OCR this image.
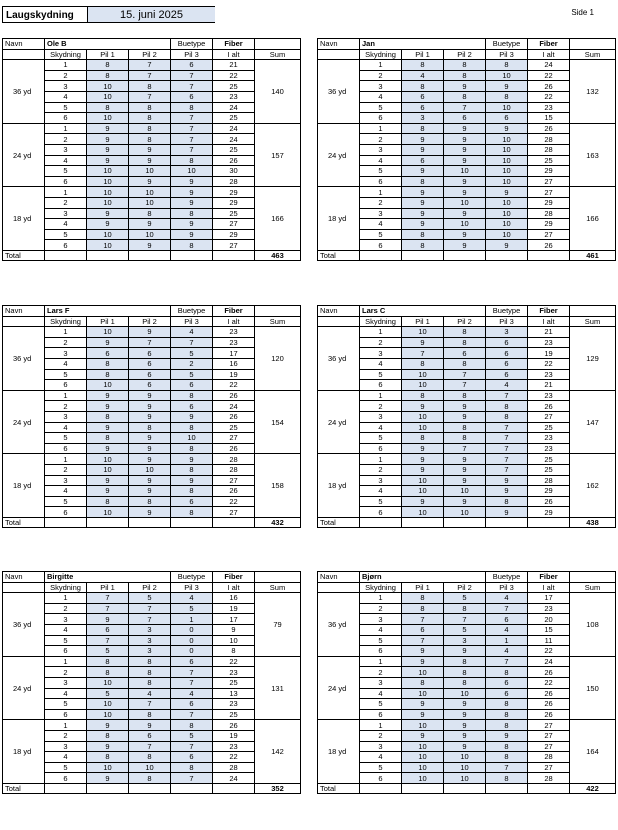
Laugskydning	15. juni 2025	Side 1
Navn	Ole B			Buetype	Fiber	
	Skydning	Pil 1	Pil 2	Pil 3	I alt	Sum
36 yd	1	8	7	6	21	140
	2	8	7	7	22	
	3	10	8	7	25	
	4	10	7	6	23	
	5	8	8	8	24	
	6	10	8	7	25	
24 yd	1	9	8	7	24	157
	2	9	8	7	24	
	3	9	9	7	25	
	4	9	9	8	26	
	5	10	10	10	30	
	6	10	9	9	28	
18 yd	1	10	10	9	29	166
	2	10	10	9	29	
	3	9	8	8	25	
	4	9	9	9	27	
	5	10	10	9	29	
	6	10	9	8	27	
Total						463
Navn	Jan			Buetype	Fiber	
	Skydning	Pil 1	Pil 2	Pil 3	I alt	Sum
36 yd	1	8	8	8	24	132
	2	4	8	10	22	
	3	8	9	9	26	
	4	6	8	8	22	
	5	6	7	10	23	
	6	3	6	6	15	
24 yd	1	8	9	9	26	163
	2	9	9	10	28	
	3	9	9	10	28	
	4	6	9	10	25	
	5	9	10	10	29	
	6	8	9	10	27	
18 yd	1	9	9	9	27	166
	2	9	10	10	29	
	3	9	9	10	28	
	4	9	10	10	29	
	5	8	9	10	27	
	6	8	9	9	26	
Total						461
Navn	Lars F			Buetype	Fiber	
	Skydning	Pil 1	Pil 2	Pil 3	I alt	Sum
36 yd	1	10	9	4	23	120
	2	9	7	7	23	
	3	6	6	5	17	
	4	8	6	2	16	
	5	8	6	5	19	
	6	10	6	6	22	
24 yd	1	9	9	8	26	154
	2	9	9	6	24	
	3	8	9	9	26	
	4	9	8	8	25	
	5	8	9	10	27	
	6	9	9	8	26	
18 yd	1	10	9	9	28	158
	2	10	10	8	28	
	3	9	9	9	27	
	4	9	9	8	26	
	5	8	8	6	22	
	6	10	9	8	27	
Total						432
Navn	Lars C			Buetype	Fiber	
	Skydning	Pil 1	Pil 2	Pil 3	I alt	Sum
36 yd	1	10	8	3	21	129
	2	9	8	6	23	
	3	7	6	6	19	
	4	8	8	6	22	
	5	10	7	6	23	
	6	10	7	4	21	
24 yd	1	8	8	7	23	147
	2	9	9	8	26	
	3	10	9	8	27	
	4	10	8	7	25	
	5	8	8	7	23	
	6	9	7	7	23	
18 yd	1	9	9	7	25	162
	2	9	9	7	25	
	3	10	9	9	28	
	4	10	10	9	29	
	5	9	9	8	26	
	6	10	10	9	29	
Total						438
Navn	Birgitte			Buetype	Fiber	
	Skydning	Pil 1	Pil 2	Pil 3	I alt	Sum
36 yd	1	7	5	4	16	79
	2	7	7	5	19	
	3	9	7	1	17	
	4	6	3	0	9	
	5	7	3	0	10	
	6	5	3	0	8	
24 yd	1	8	8	6	22	131
	2	8	8	7	23	
	3	10	8	7	25	
	4	5	4	4	13	
	5	10	7	6	23	
	6	10	8	7	25	
18 yd	1	9	9	8	26	142
	2	8	6	5	19	
	3	9	7	7	23	
	4	8	8	6	22	
	5	10	10	8	28	
	6	9	8	7	24	
Total						352
Navn	Bjørn			Buetype	Fiber	
	Skydning	Pil 1	Pil 2	Pil 3	I alt	Sum
36 yd	1	8	5	4	17	108
	2	8	8	7	23	
	3	7	7	6	20	
	4	6	5	4	15	
	5	7	3	1	11	
	6	9	9	4	22	
24 yd	1	9	8	7	24	150
	2	10	8	8	26	
	3	8	8	6	22	
	4	10	10	6	26	
	5	9	9	8	26	
	6	9	9	8	26	
18 yd	1	10	9	8	27	164
	2	9	9	9	27	
	3	10	9	8	27	
	4	10	10	8	28	
	5	10	10	7	27	
	6	10	10	8	28	
Total						422
